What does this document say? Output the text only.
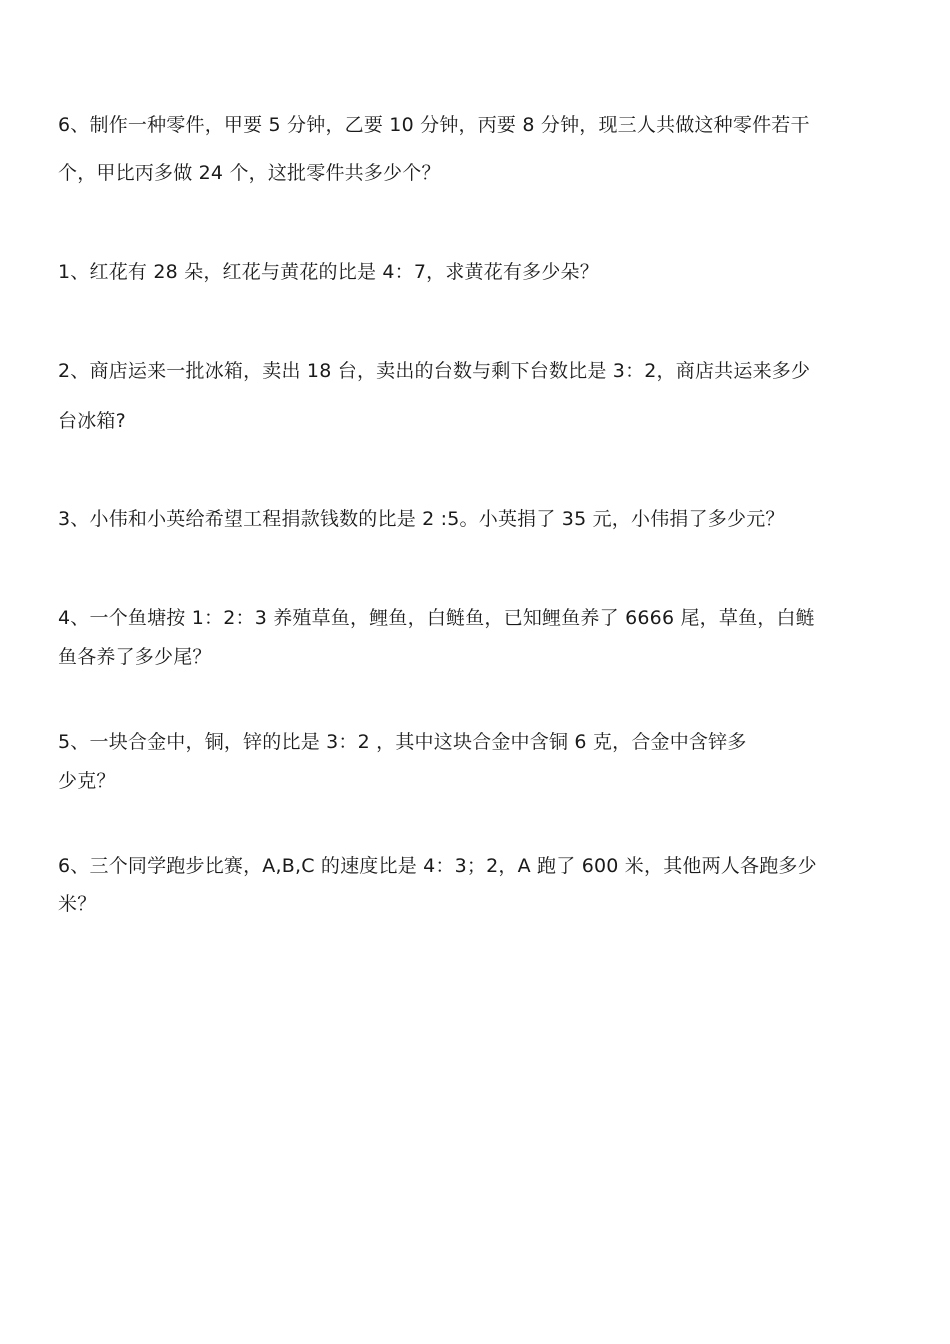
6、制作一种零件，甲要 5 分钟，乙要 10 分钟，丙要 8 分钟，现三人共做这种零件若干
个，甲比丙多做 24 个，这批零件共多少个？
1、红花有 28 朵，红花与黄花的比是 4：7，求黄花有多少朵？
2、商店运来一批冰箱，卖出 18 台，卖出的台数与剩下台数比是 3：2，商店共运来多少
台冰箱?
3、小伟和小英给希望工程捐款钱数的比是 2 :5。小英捐了 35 元，小伟捐了多少元？
4、一个鱼塘按 1：2：3 养殖草鱼，鲤鱼，白鲢鱼，已知鲤鱼养了 6666 尾，草鱼，白鲢
鱼各养了多少尾？
5、一块合金中，铜，锌的比是 3：2 ，其中这块合金中含铜 6 克，合金中含锌多
少克？
6、三个同学跑步比赛，A,B,C 的速度比是 4：3；2，A 跑了 600 米，其他两人各跑多少
米？
